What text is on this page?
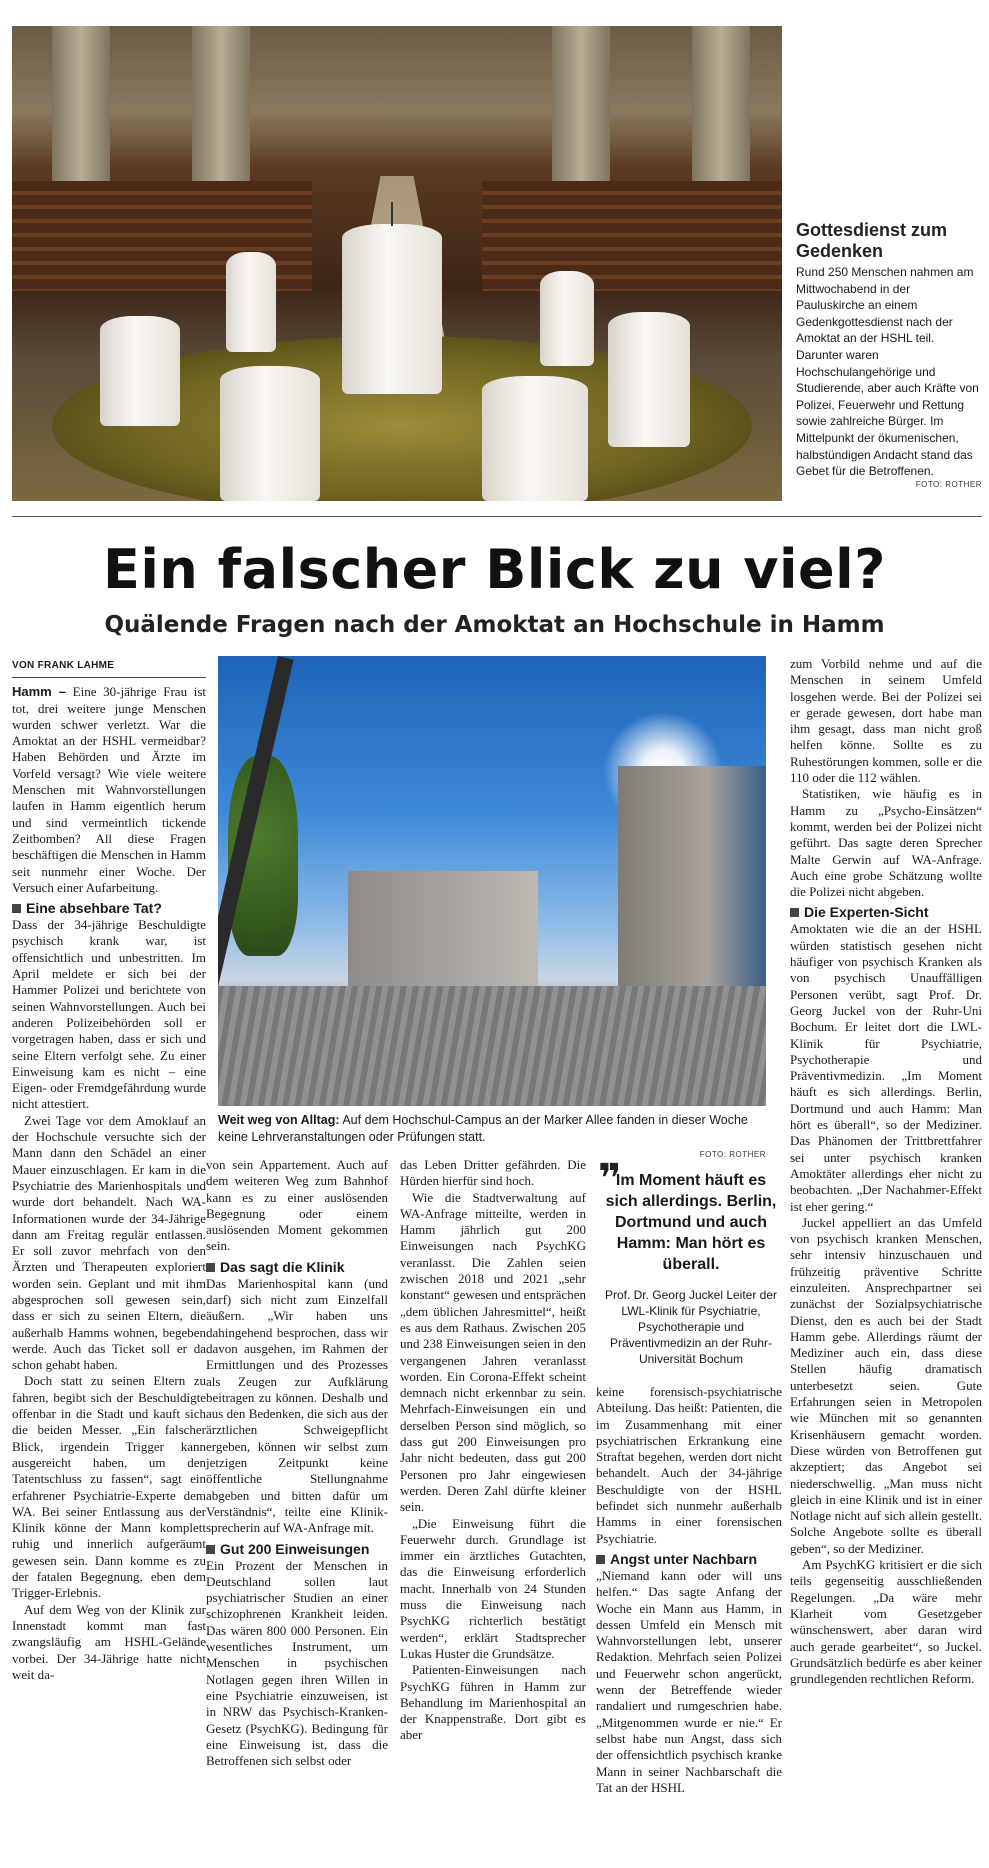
Gottesdienst zum Gedenken

Rund 250 Menschen nahmen am Mittwochabend in der Pauluskirche an einem Gedenkgottesdienst nach der Amoktat an der HSHL teil. Darunter waren Hochschulangehörige und Studierende, aber auch Kräfte von Polizei, Feuerwehr und Rettung sowie zahlreiche Bürger. Im Mittelpunkt der ökumenischen, halbstündigen Andacht stand das Gebet für die Betroffenen.

FOTO: ROTHER
Ein falscher Blick zu viel?
Quälende Fragen nach der Amoktat an Hochschule in Hamm
VON FRANK LAHME

Hamm – Eine 30-jährige Frau ist tot, drei weitere junge Menschen wurden schwer verletzt. War die Amoktat an der HSHL vermeidbar? Haben Behörden und Ärzte im Vorfeld versagt? Wie viele weitere Menschen mit Wahnvorstellungen laufen in Hamm eigentlich herum und sind vermeintlich tickende Zeitbomben? All diese Fragen beschäftigen die Menschen in Hamm seit nunmehr einer Woche. Der Versuch einer Aufarbeitung.

Eine absehbare Tat?

Dass der 34-jährige Beschuldigte psychisch krank war, ist offensichtlich und unbestritten. Im April meldete er sich bei der Hammer Polizei und berichtete von seinen Wahnvorstellungen. Auch bei anderen Polizeibehörden soll er vorgetragen haben, dass er sich und seine Eltern verfolgt sehe. Zu einer Einweisung kam es nicht – eine Eigen- oder Fremdgefährdung wurde nicht attestiert.

Zwei Tage vor dem Amoklauf an der Hochschule versuchte sich der Mann dann den Schädel an einer Mauer einzuschlagen. Er kam in die Psychiatrie des Marienhospitals und wurde dort behandelt. Nach WA-Informationen wurde der 34-Jährige dann am Freitag regulär entlassen. Er soll zuvor mehrfach von den Ärzten und Therapeuten exploriert worden sein. Geplant und mit ihm abgesprochen soll gewesen sein, dass er sich zu seinen Eltern, die außerhalb Hamms wohnen, begeben werde. Auch das Ticket soll er da schon gehabt haben.

Doch statt zu seinen Eltern zu fahren, begibt sich der Beschuldigte offenbar in die Stadt und kauft sich die beiden Messer. „Ein falscher Blick, irgendein Trigger kann ausgereicht haben, um den Tatentschluss zu fassen“, sagt ein erfahrener Psychiatrie-Experte dem WA. Bei seiner Entlassung aus der Klinik könne der Mann komplett ruhig und innerlich aufgeräumt gewesen sein. Dann komme es zu der fatalen Begegnung, eben dem Trigger-Erlebnis.

Auf dem Weg von der Klinik zur Innenstadt kommt man fast zwangsläufig am HSHL-Gelände vorbei. Der 34-Jährige hatte nicht weit da-

Weit weg von Alltag: Auf dem Hochschul-Campus an der Marker Allee fanden in dieser Woche keine Lehrveranstaltungen oder Prüfungen statt.
FOTO: ROTHER

von sein Appartement. Auch auf dem weiteren Weg zum Bahnhof kann es zu einer auslösenden Begegnung oder einem auslösenden Moment gekommen sein.

Das sagt die Klinik

Das Marienhospital kann (und darf) sich nicht zum Einzelfall äußern. „Wir haben uns dahingehend besprochen, dass wir davon ausgehen, im Rahmen der Ermittlungen und des Prozesses als Zeugen zur Aufklärung beitragen zu können. Deshalb und aus den Bedenken, die sich aus der ärztlichen Schweigepflicht ergeben, können wir selbst zum jetzigen Zeitpunkt keine öffentliche Stellungnahme abgeben und bitten dafür um Verständnis“, teilte eine Klinik-sprecherin auf WA-Anfrage mit.

Gut 200 Einweisungen

Ein Prozent der Menschen in Deutschland sollen laut psychiatrischer Studien an einer schizophrenen Krankheit leiden. Das wären 800 000 Personen. Ein wesentliches Instrument, um Menschen in psychischen Notlagen gegen ihren Willen in eine Psychiatrie einzuweisen, ist in NRW das Psychisch-Kranken-Gesetz (PsychKG). Bedingung für eine Einweisung ist, dass die Betroffenen sich selbst oder

das Leben Dritter gefährden. Die Hürden hierfür sind hoch.

Wie die Stadtverwaltung auf WA-Anfrage mitteilte, werden in Hamm jährlich gut 200 Einweisungen nach PsychKG veranlasst. Die Zahlen seien zwischen 2018 und 2021 „sehr konstant“ gewesen und entsprächen „dem üblichen Jahresmittel“, heißt es aus dem Rathaus. Zwischen 205 und 238 Einweisungen seien in den vergangenen Jahren veranlasst worden. Ein Corona-Effekt scheint demnach nicht erkennbar zu sein. Mehrfach-Einweisungen ein und derselben Person sind möglich, so dass gut 200 Einweisungen pro Jahr nicht bedeuten, dass gut 200 Personen pro Jahr eingewiesen werden. Deren Zahl dürfte kleiner sein.

„Die Einweisung führt die Feuerwehr durch. Grundlage ist immer ein ärztliches Gutachten, das die Einweisung erforderlich macht. Innerhalb von 24 Stunden muss die Einweisung nach PsychKG richterlich bestätigt werden“, erklärt Stadtsprecher Lukas Huster die Grundsätze.

Patienten-Einweisungen nach PsychKG führen in Hamm zur Behandlung im Marienhospital an der Knappenstraße. Dort gibt es aber

❞
Im Moment häuft es sich allerdings. Berlin, Dortmund und auch Hamm: Man hört es überall.
Prof. Dr. Georg Juckel Leiter der LWL-Klinik für Psychiatrie, Psychotherapie und Präventivmedizin an der Ruhr-Universität Bochum

keine forensisch-psychiatrische Abteilung. Das heißt: Patienten, die im Zusammenhang mit einer psychiatrischen Erkrankung eine Straftat begehen, werden dort nicht behandelt. Auch der 34-jährige Beschuldigte von der HSHL befindet sich nunmehr außerhalb Hamms in einer forensischen Psychiatrie.

Angst unter Nachbarn

„Niemand kann oder will uns helfen.“ Das sagte Anfang der Woche ein Mann aus Hamm, in dessen Umfeld ein Mensch mit Wahnvorstellungen lebt, unserer Redaktion. Mehrfach seien Polizei und Feuerwehr schon angerückt, wenn der Betreffende wieder randaliert und rumgeschrien habe. „Mitgenommen wurde er nie.“ Er selbst habe nun Angst, dass sich der offensichtlich psychisch kranke Mann in seiner Nachbarschaft die Tat an der HSHL

zum Vorbild nehme und auf die Menschen in seinem Umfeld losgehen werde. Bei der Polizei sei er gerade gewesen, dort habe man ihm gesagt, dass man nicht groß helfen könne. Sollte es zu Ruhestörungen kommen, solle er die 110 oder die 112 wählen.

Statistiken, wie häufig es in Hamm zu „Psycho-Einsätzen“ kommt, werden bei der Polizei nicht geführt. Das sagte deren Sprecher Malte Gerwin auf WA-Anfrage. Auch eine grobe Schätzung wollte die Polizei nicht abgeben.

Die Experten-Sicht

Amoktaten wie die an der HSHL würden statistisch gesehen nicht häufiger von psychisch Kranken als von psychisch Unauffälligen Personen verübt, sagt Prof. Dr. Georg Juckel von der Ruhr-Uni Bochum. Er leitet dort die LWL-Klinik für Psychiatrie, Psychotherapie und Präventivmedizin. „Im Moment häuft es sich allerdings. Berlin, Dortmund und auch Hamm: Man hört es überall“, so der Mediziner. Das Phänomen der Trittbrettfahrer sei unter psychisch kranken Amoktäter allerdings eher nicht zu beobachten. „Der Nachahmer-Effekt ist eher gering.“

Juckel appelliert an das Umfeld von psychisch kranken Menschen, sehr intensiv hinzuschauen und frühzeitig präventive Schritte einzuleiten. Ansprechpartner sei zunächst der Sozialpsychiatrische Dienst, den es auch bei der Stadt Hamm gebe. Allerdings räumt der Mediziner auch ein, dass diese Stellen häufig dramatisch unterbesetzt seien. Gute Erfahrungen seien in Metropolen wie München mit so genannten Krisenhäusern gemacht worden. Diese würden von Betroffenen gut akzeptiert; das Angebot sei niederschwellig. „Man muss nicht gleich in eine Klinik und ist in einer Notlage nicht auf sich allein gestellt. Solche Angebote sollte es überall geben“, so der Mediziner.

Am PsychKG kritisiert er die sich teils gegenseitig ausschließenden Regelungen. „Da wäre mehr Klarheit vom Gesetzgeber wünschenswert, aber daran wird auch gerade gearbeitet“, so Juckel. Grundsätzlich bedürfe es aber keiner grundlegenden rechtlichen Reform.
